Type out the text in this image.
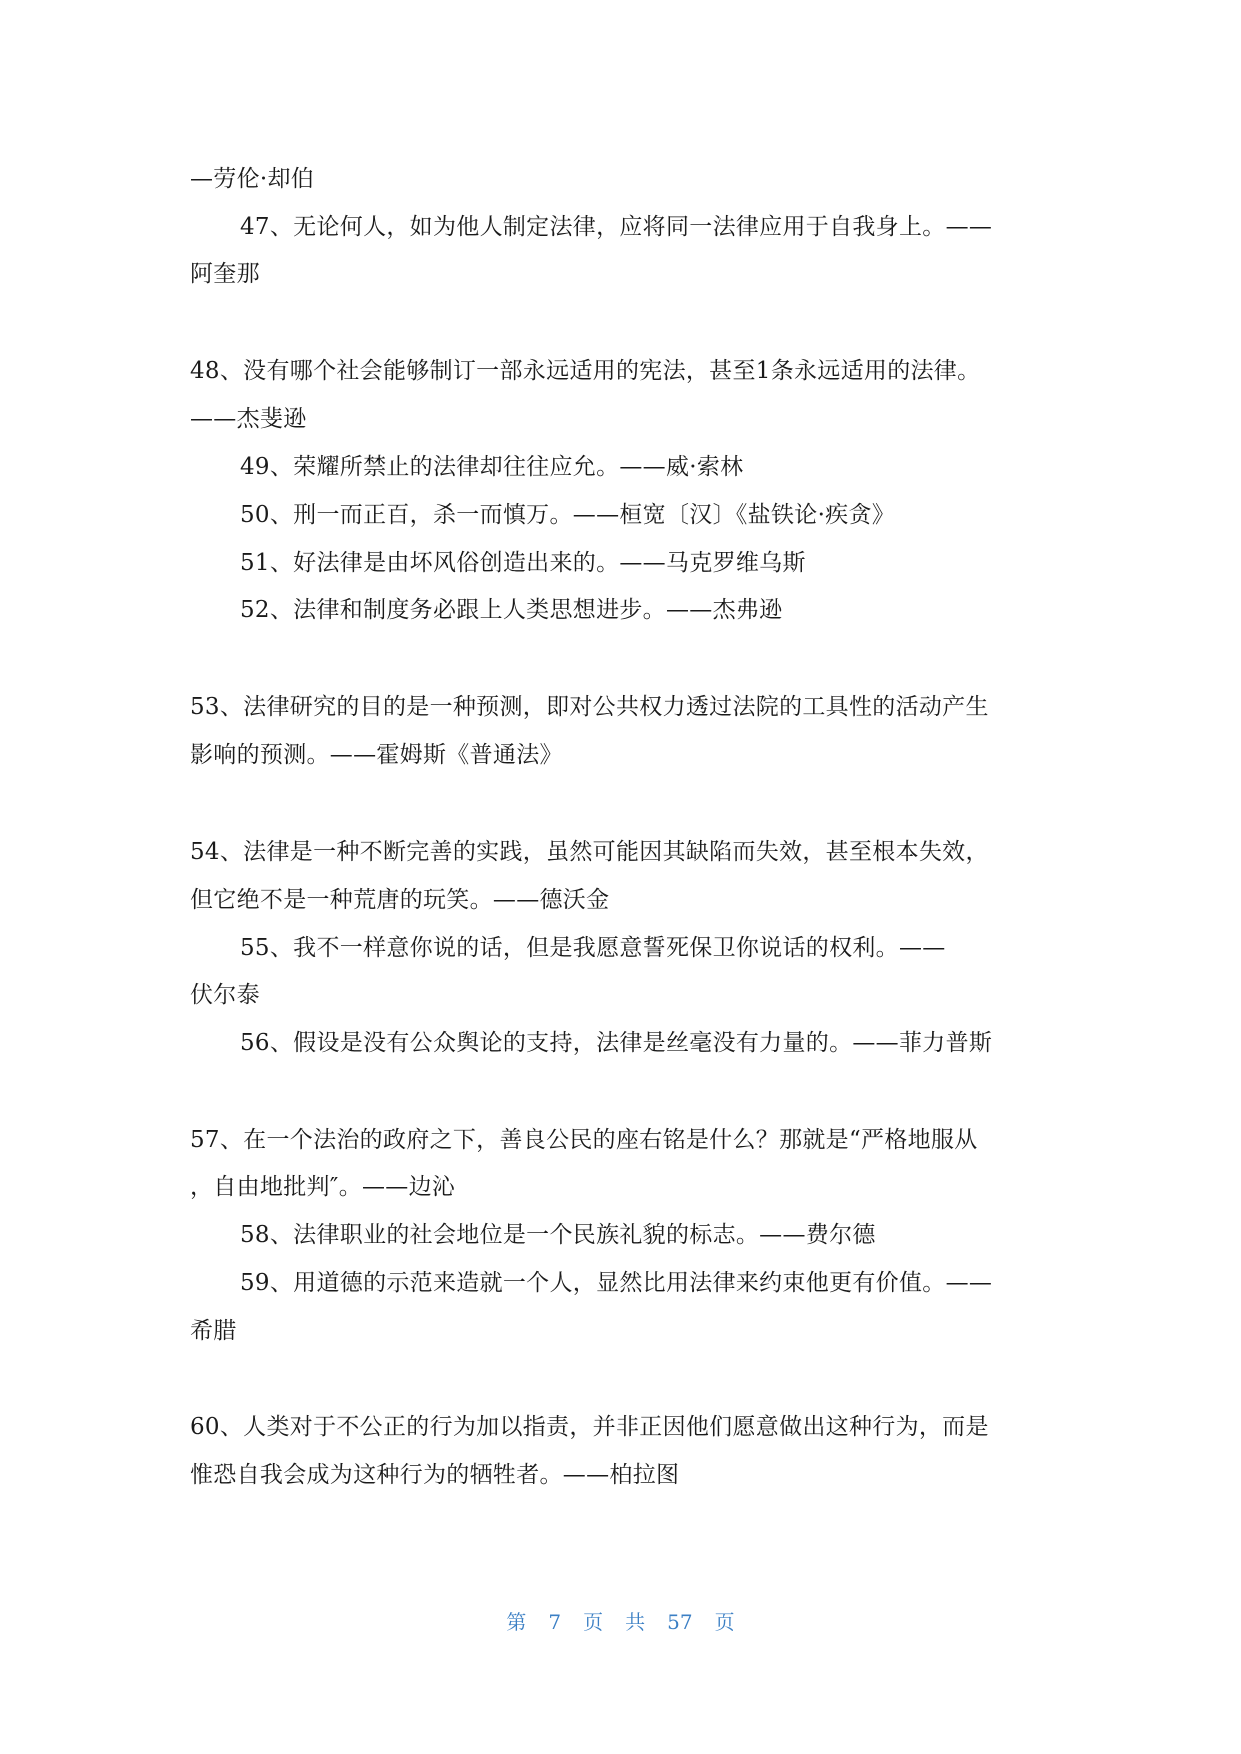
—劳伦·却伯
47、无论何人，如为他人制定法律，应将同一法律应用于自我身上。——
阿奎那
48、没有哪个社会能够制订一部永远适用的宪法，甚至1条永远适用的法律。
——杰斐逊
49、荣耀所禁止的法律却往往应允。——威·索林
50、刑一而正百，杀一而慎万。——桓宽〔汉〕《盐铁论·疾贪》
51、好法律是由坏风俗创造出来的。——马克罗维乌斯
52、法律和制度务必跟上人类思想进步。——杰弗逊
53、法律研究的目的是一种预测，即对公共权力透过法院的工具性的活动产生
影响的预测。——霍姆斯《普通法》
54、法律是一种不断完善的实践，虽然可能因其缺陷而失效，甚至根本失效，
但它绝不是一种荒唐的玩笑。——德沃金
55、我不一样意你说的话，但是我愿意誓死保卫你说话的权利。——
伏尔泰
56、假设是没有公众舆论的支持，法律是丝毫没有力量的。——菲力普斯
57、在一个法治的政府之下，善良公民的座右铭是什么？那就是“严格地服从
，自由地批判″。——边沁
58、法律职业的社会地位是一个民族礼貌的标志。——费尔德
59、用道德的示范来造就一个人，显然比用法律来约束他更有价值。——
希腊
60、人类对于不公正的行为加以指责，并非正因他们愿意做出这种行为，而是
惟恐自我会成为这种行为的牺牲者。——柏拉图
第 7 页 共 57 页
